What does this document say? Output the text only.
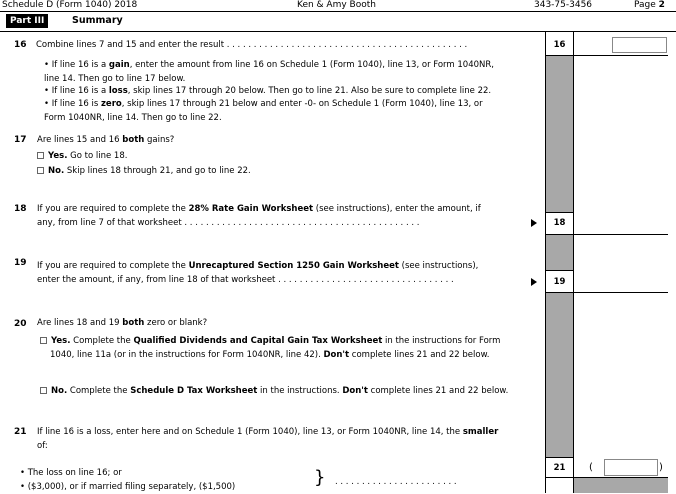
Schedule D (Form 1040) 2018	Ken & Amy Booth	343-75-3456	Page 2
Part III	Summary
16 Combine lines 7 and 15 and enter the result . . . . . . . . . . . . . . . . . . . . . . . . . . . . . . . . . . . . . . . . . . . . .	16
• If line 16 is a gain, enter the amount from line 16 on Schedule 1 (Form 1040), line 13, or Form 1040NR,
line 14. Then go to line 17 below.
• If line 16 is a loss, skip lines 17 through 20 below. Then go to line 21. Also be sure to complete line 22.
• If line 16 is zero, skip lines 17 through 21 below and enter -0- on Schedule 1 (Form 1040), line 13, or
Form 1040NR, line 14. Then go to line 22.
17 Are lines 15 and 16 both gains?
Yes. Go to line 18.
No. Skip lines 18 through 21, and go to line 22.
18 If you are required to complete the 28% Rate Gain Worksheet (see instructions), enter the amount, if
any, from line 7 of that worksheet . . . . . . . . . . . . . . . . . . . . . . . . . . . . . . . . . . . . . . . . . . . .	18
19 If you are required to complete the Unrecaptured Section 1250 Gain Worksheet (see instructions),
enter the amount, if any, from line 18 of that worksheet . . . . . . . . . . . . . . . . . . . . . . . . . . . . . . . . .	19
20 Are lines 18 and 19 both zero or blank?
Yes. Complete the Qualified Dividends and Capital Gain Tax Worksheet in the instructions for Form
1040, line 11a (or in the instructions for Form 1040NR, line 42). Don't complete lines 21 and 22 below.
No. Complete the Schedule D Tax Worksheet in the instructions. Don't complete lines 21 and 22 below.
21 If line 16 is a loss, enter here and on Schedule 1 (Form 1040), line 13, or Form 1040NR, line 14, the smaller
of:
• The loss on line 16; or
• ($3,000), or if married filing separately, ($1,500)	} . . . . . . . . . . . . . . . . . . . . . . .
21	(	)
